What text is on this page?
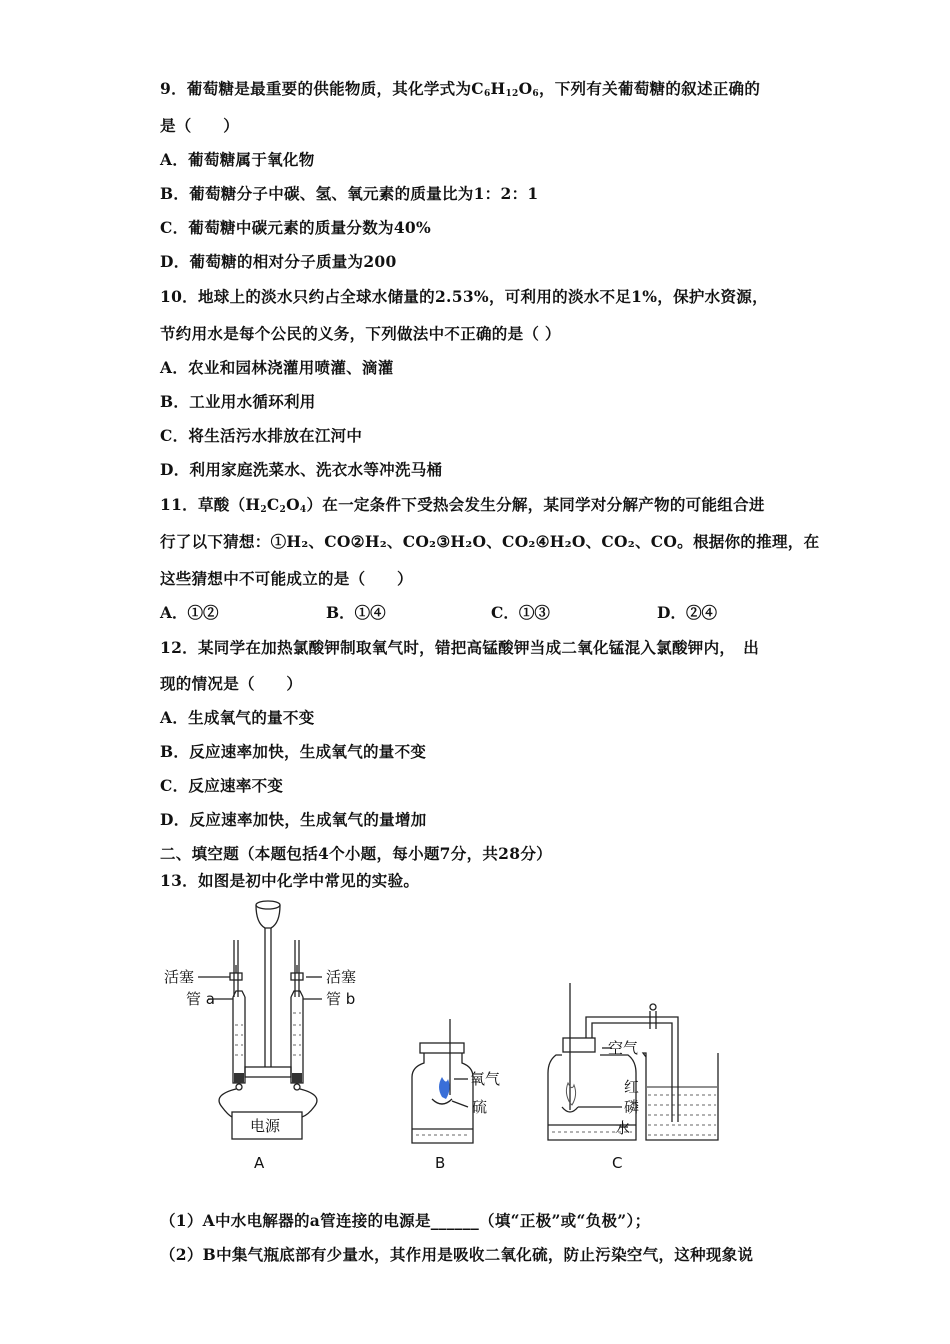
9．葡萄糖是最重要的供能物质，其化学式为$C_6H_{12}O_6$，下列有关葡萄糖的叙述正确的
是（　　）
A．葡萄糖属于氧化物
B．葡萄糖分子中碳、氢、氧元素的质量比为1：2：1
C．葡萄糖中碳元素的质量分数为40%
D．葡萄糖的相对分子质量为200
10．地球上的淡水只约占全球水储量的2.53%，可利用的淡水不足1%，保护水资源，
节约用水是每个公民的义务，下列做法中不正确的是（ ）
A．农业和园林浇灌用喷灌、滴灌
B．工业用水循环利用
C．将生活污水排放在江河中
D．利用家庭洗菜水、洗衣水等冲洗马桶
11．草酸$(H_2C_2O_4)$在一定条件下受热会发生分解，某同学对分解产物的可能组合进
行了以下猜想：①H₂、CO②H₂、CO₂③H₂O、CO₂④H₂O、CO₂、CO。根据你的推理，在
这些猜想中不可能成立的是（　　）
A．①②	B．①④	C．①③	D．②④
12．某同学在加热氯酸钾制取氧气时，错把高锰酸钾当成二氧化锰混入氯酸钾内，　出
现的情况是（　　）
A．生成氧气的量不变
B．反应速率加快，生成氧气的量不变
C．反应速率不变
D．反应速率加快，生成氧气的量增加
二、填空题（本题包括4个小题，每小题7分，共28分）
13．如图是初中化学中常见的实验。
活塞
管 a
活塞
管 b
电源
A
氧气
硫
B
空气
红
磷
水
C
（1）A中水电解器的a管连接的电源是______（填“正极”或“负极”）；
（2）B中集气瓶底部有少量水，其作用是吸收二氧化硫，防止污染空气，这种现象说
